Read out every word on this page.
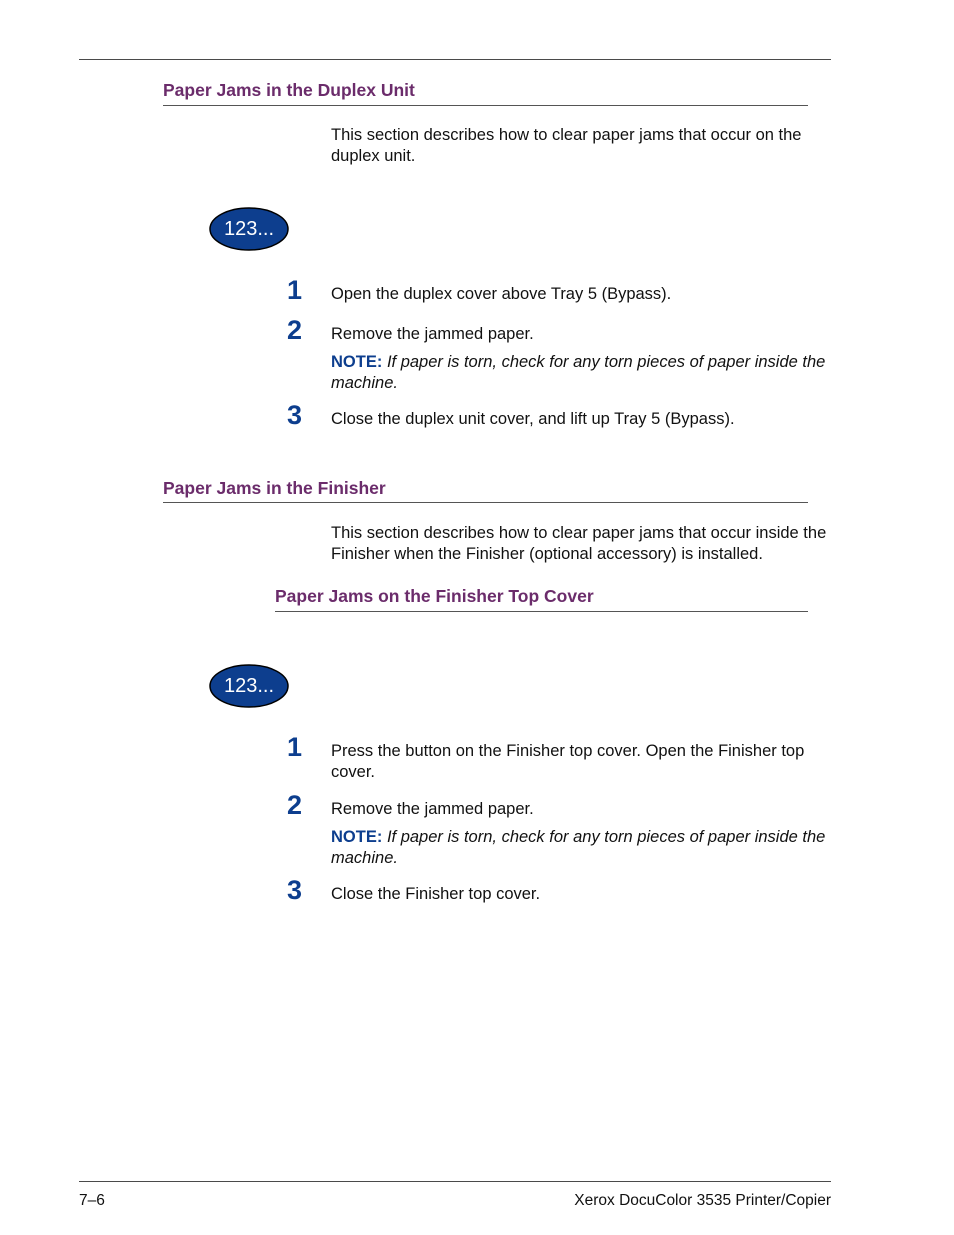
Paper Jams in the Duplex Unit
This section describes how to clear paper jams that occur on the duplex unit.
123...
1 Open the duplex cover above Tray 5 (Bypass).
2 Remove the jammed paper.
NOTE: If paper is torn, check for any torn pieces of paper inside the machine.
3 Close the duplex unit cover, and lift up Tray 5 (Bypass).
Paper Jams in the Finisher
This section describes how to clear paper jams that occur inside the Finisher when the Finisher (optional accessory) is installed.
Paper Jams on the Finisher Top Cover
123...
1 Press the button on the Finisher top cover. Open the Finisher top cover.
2 Remove the jammed paper.
NOTE: If paper is torn, check for any torn pieces of paper inside the machine.
3 Close the Finisher top cover.
7–6	Xerox DocuColor 3535 Printer/Copier
